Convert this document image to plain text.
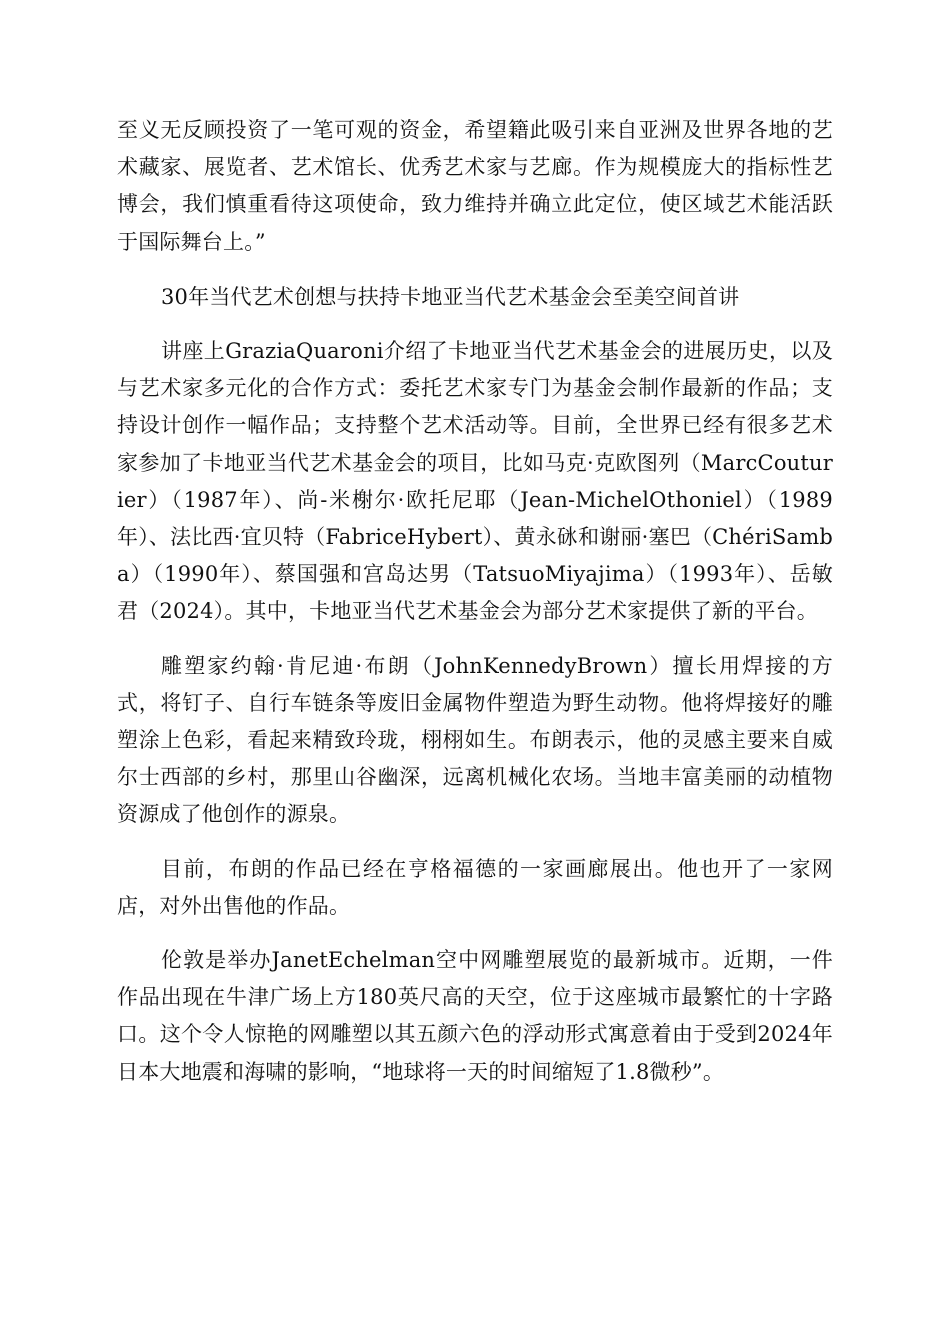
至义无反顾投资了一笔可观的资金，希望籍此吸引来自亚洲及世界各地的艺术藏家、展览者、艺术馆长、优秀艺术家与艺廊。作为规模庞大的指标性艺博会，我们慎重看待这项使命，致力维持并确立此定位，使区域艺术能活跃于国际舞台上。”

30年当代艺术创想与扶持卡地亚当代艺术基金会至美空间首讲

讲座上GraziaQuaroni介绍了卡地亚当代艺术基金会的进展历史，以及与艺术家多元化的合作方式：委托艺术家专门为基金会制作最新的作品；支持设计创作一幅作品；支持整个艺术活动等。目前，全世界已经有很多艺术家参加了卡地亚当代艺术基金会的项目，比如马克·克欧图列（MarcCouturier）（1987年）、尚-米榭尔·欧托尼耶（Jean-MichelOthoniel）（1989年）、法比西·宜贝特（FabriceHybert）、黄永砯和谢丽·塞巴（ChériSamba）（1990年）、蔡国强和宫岛达男（TatsuoMiyajima）（1993年）、岳敏君（2024）。其中，卡地亚当代艺术基金会为部分艺术家提供了新的平台。

雕塑家约翰·肯尼迪·布朗（JohnKennedyBrown）擅长用焊接的方式，将钉子、自行车链条等废旧金属物件塑造为野生动物。他将焊接好的雕塑涂上色彩，看起来精致玲珑，栩栩如生。布朗表示，他的灵感主要来自威尔士西部的乡村，那里山谷幽深，远离机械化农场。当地丰富美丽的动植物资源成了他创作的源泉。

目前，布朗的作品已经在亨格福德的一家画廊展出。他也开了一家网店，对外出售他的作品。

伦敦是举办JanetEchelman空中网雕塑展览的最新城市。近期，一件作品出现在牛津广场上方180英尺高的天空，位于这座城市最繁忙的十字路口。这个令人惊艳的网雕塑以其五颜六色的浮动形式寓意着由于受到2024年日本大地震和海啸的影响，“地球将一天的时间缩短了1.8微秒”。
